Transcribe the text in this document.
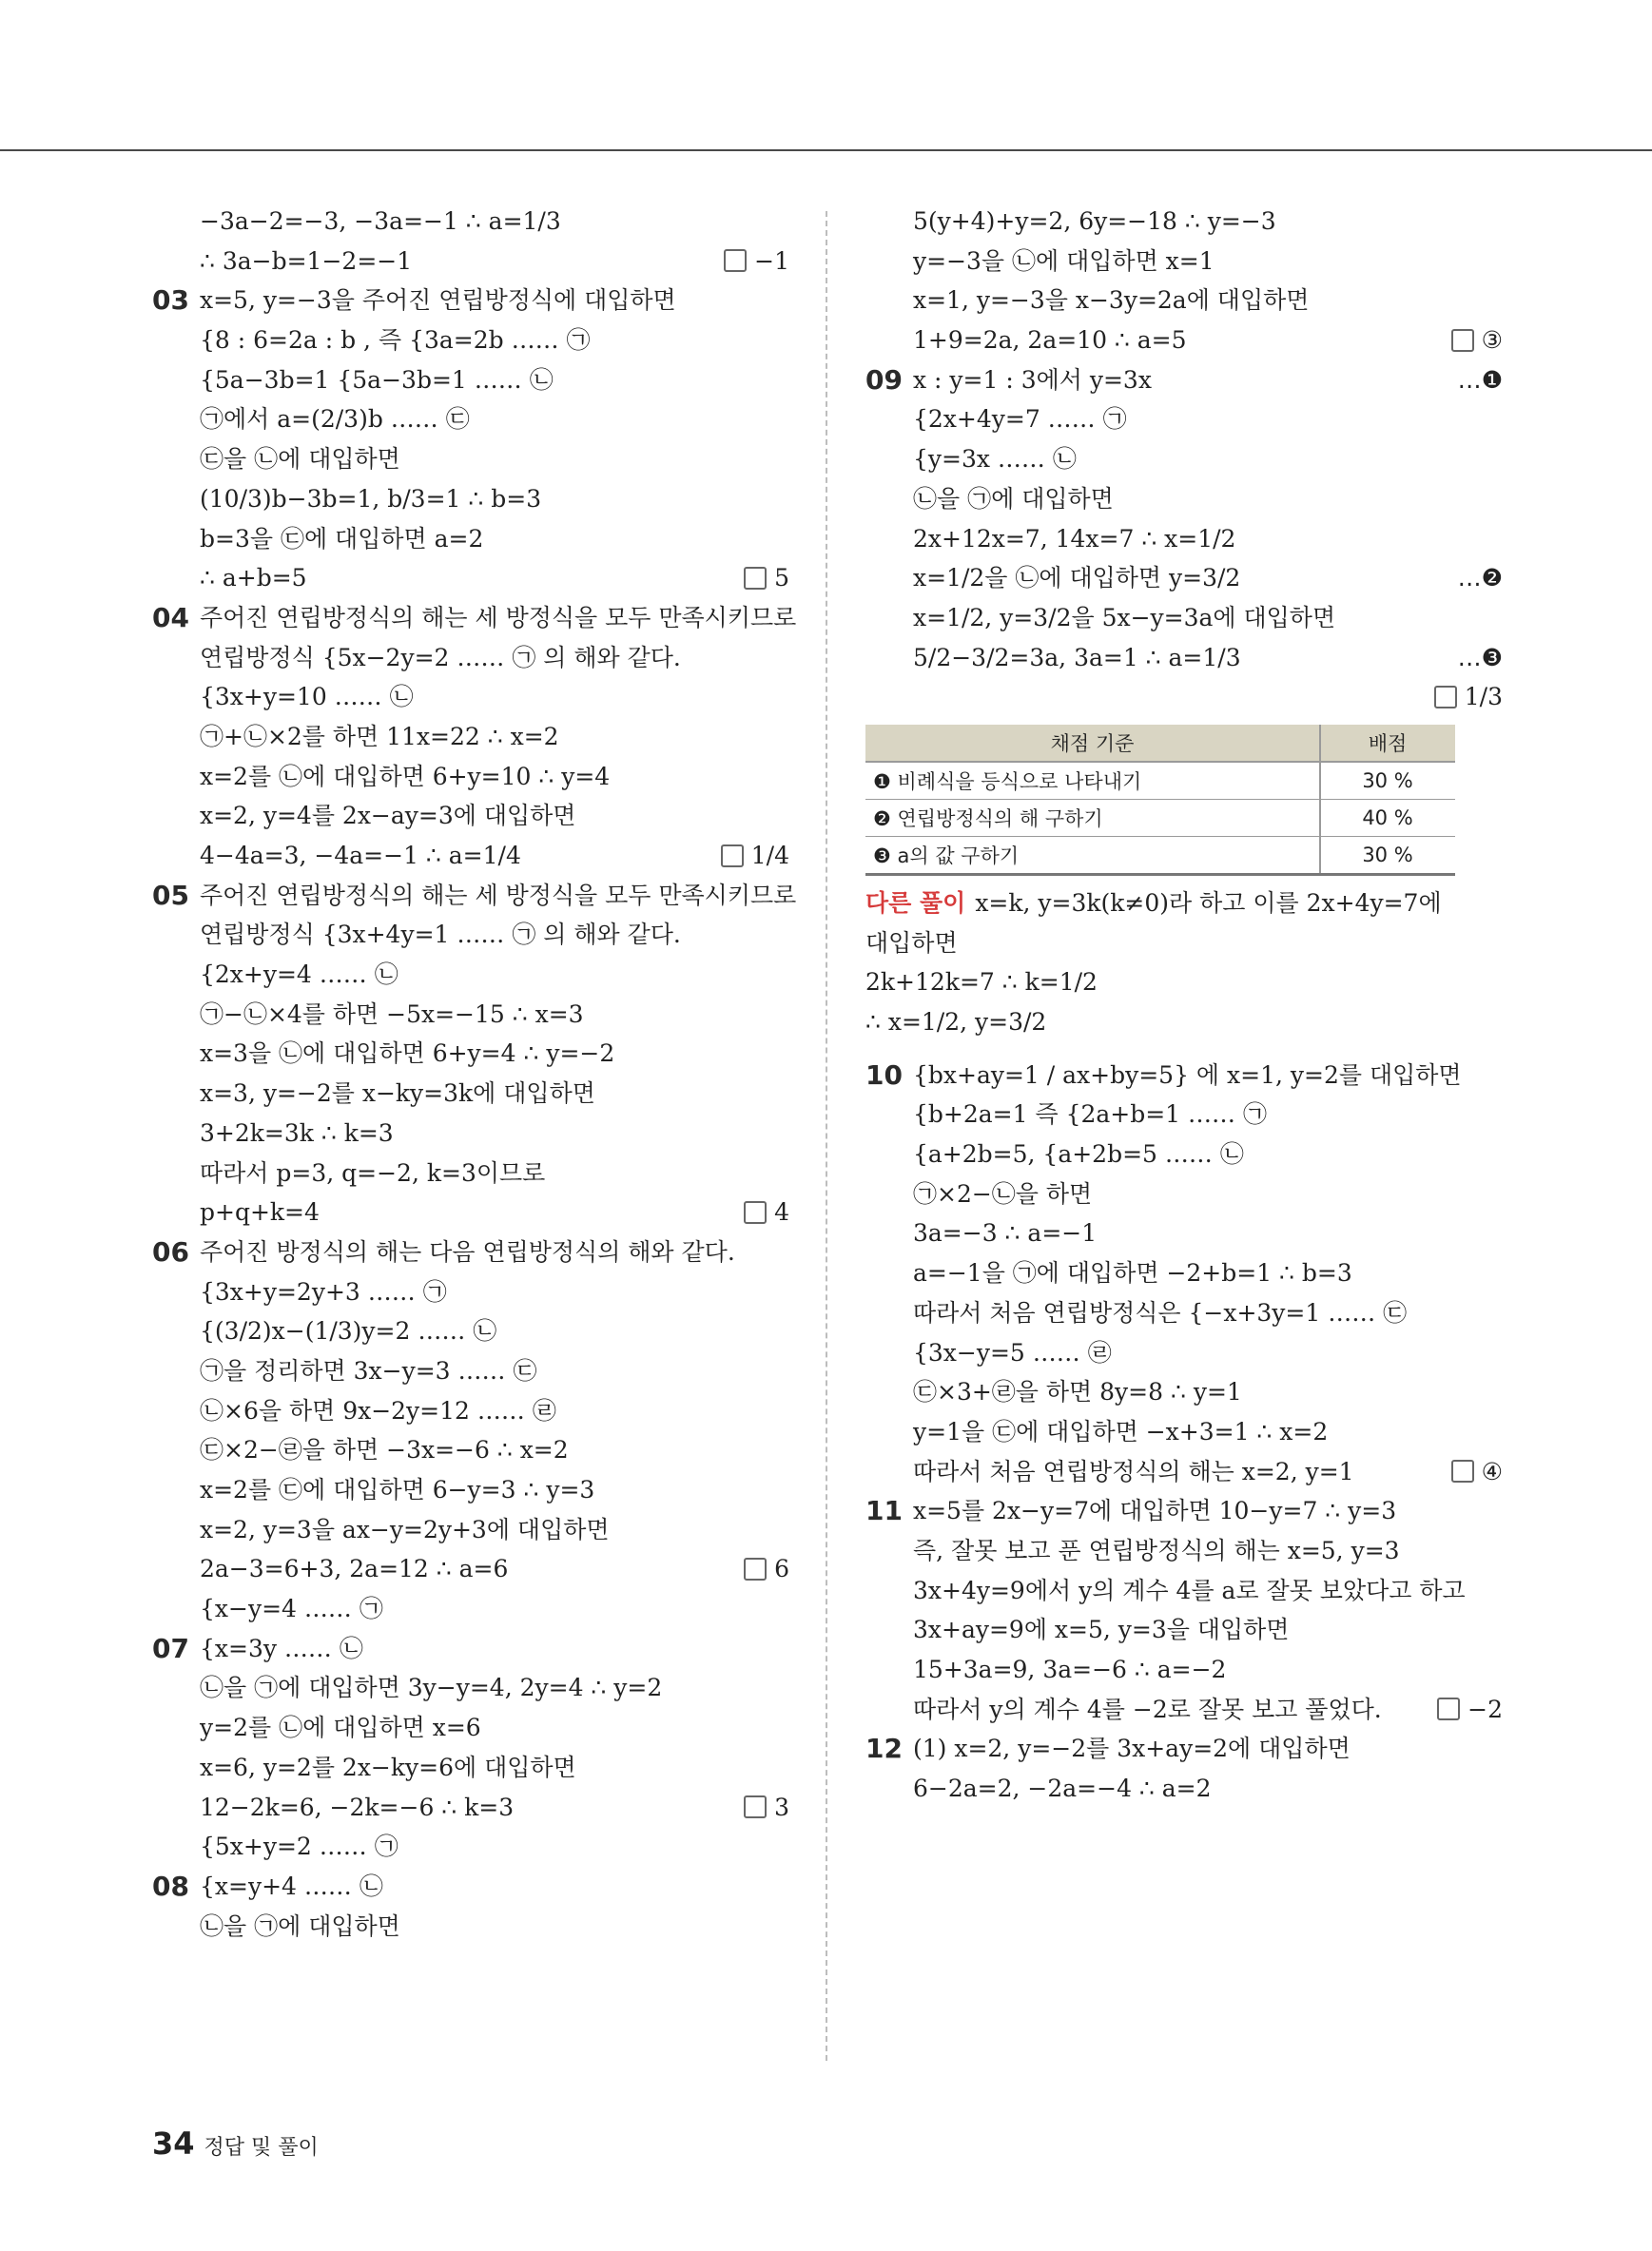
−3a−2=−3, −3a=−1 ∴ a=1/3
∴ 3a−b=1−2=−1	−1
03 x=5, y=−3을 주어진 연립방정식에 대입하면
{8 : 6=2a : b , 즉 {3a=2b …… ㉠
{5a−3b=1 {5a−3b=1 …… ㉡
㉠에서 a=(2/3)b …… ㉢
㉢을 ㉡에 대입하면
(10/3)b−3b=1, b/3=1 ∴ b=3
b=3을 ㉢에 대입하면 a=2
∴ a+b=5	5
04 주어진 연립방정식의 해는 세 방정식을 모두 만족시키므로
연립방정식 {5x−2y=2 …… ㉠ 의 해와 같다.
{3x+y=10 …… ㉡
㉠+㉡×2를 하면 11x=22 ∴ x=2
x=2를 ㉡에 대입하면 6+y=10 ∴ y=4
x=2, y=4를 2x−ay=3에 대입하면
4−4a=3, −4a=−1 ∴ a=1/4	1/4
05 주어진 연립방정식의 해는 세 방정식을 모두 만족시키므로
연립방정식 {3x+4y=1 …… ㉠ 의 해와 같다.
{2x+y=4 …… ㉡
㉠−㉡×4를 하면 −5x=−15 ∴ x=3
x=3을 ㉡에 대입하면 6+y=4 ∴ y=−2
x=3, y=−2를 x−ky=3k에 대입하면
3+2k=3k ∴ k=3
따라서 p=3, q=−2, k=3이므로
p+q+k=4	4
06 주어진 방정식의 해는 다음 연립방정식의 해와 같다.
{3x+y=2y+3 …… ㉠
{(3/2)x−(1/3)y=2 …… ㉡
㉠을 정리하면 3x−y=3 …… ㉢
㉡×6을 하면 9x−2y=12 …… ㉣
㉢×2−㉣을 하면 −3x=−6 ∴ x=2
x=2를 ㉢에 대입하면 6−y=3 ∴ y=3
x=2, y=3을 ax−y=2y+3에 대입하면
2a−3=6+3, 2a=12 ∴ a=6	6
{x−y=4 …… ㉠
07 {x=3y …… ㉡
㉡을 ㉠에 대입하면 3y−y=4, 2y=4 ∴ y=2
y=2를 ㉡에 대입하면 x=6
x=6, y=2를 2x−ky=6에 대입하면
12−2k=6, −2k=−6 ∴ k=3	3
{5x+y=2 …… ㉠
08 {x=y+4 …… ㉡
㉡을 ㉠에 대입하면
5(y+4)+y=2, 6y=−18 ∴ y=−3
y=−3을 ㉡에 대입하면 x=1
x=1, y=−3을 x−3y=2a에 대입하면
1+9=2a, 2a=10 ∴ a=5	③
09 x : y=1 : 3에서 y=3x	…❶
{2x+4y=7 …… ㉠
{y=3x …… ㉡
㉡을 ㉠에 대입하면
2x+12x=7, 14x=7 ∴ x=1/2
x=1/2을 ㉡에 대입하면 y=3/2	…❷
x=1/2, y=3/2을 5x−y=3a에 대입하면
5/2−3/2=3a, 3a=1 ∴ a=1/3	…❸
1/3
채점 기준	배점
❶ 비례식을 등식으로 나타내기	30 %
❷ 연립방정식의 해 구하기	40 %
❸ a의 값 구하기	30 %
다른 풀이 x=k, y=3k(k≠0)라 하고 이를 2x+4y=7에
대입하면
2k+12k=7 ∴ k=1/2
∴ x=1/2, y=3/2
10 {bx+ay=1 / ax+by=5} 에 x=1, y=2를 대입하면
{b+2a=1 즉 {2a+b=1 …… ㉠
{a+2b=5, {a+2b=5 …… ㉡
㉠×2−㉡을 하면
3a=−3 ∴ a=−1
a=−1을 ㉠에 대입하면 −2+b=1 ∴ b=3
따라서 처음 연립방정식은 {−x+3y=1 …… ㉢
{3x−y=5 …… ㉣
㉢×3+㉣을 하면 8y=8 ∴ y=1
y=1을 ㉢에 대입하면 −x+3=1 ∴ x=2
따라서 처음 연립방정식의 해는 x=2, y=1	④
11 x=5를 2x−y=7에 대입하면 10−y=7 ∴ y=3
즉, 잘못 보고 푼 연립방정식의 해는 x=5, y=3
3x+4y=9에서 y의 계수 4를 a로 잘못 보았다고 하고
3x+ay=9에 x=5, y=3을 대입하면
15+3a=9, 3a=−6 ∴ a=−2
따라서 y의 계수 4를 −2로 잘못 보고 풀었다.	−2
12 (1) x=2, y=−2를 3x+ay=2에 대입하면
6−2a=2, −2a=−4 ∴ a=2
34 정답 및 풀이
